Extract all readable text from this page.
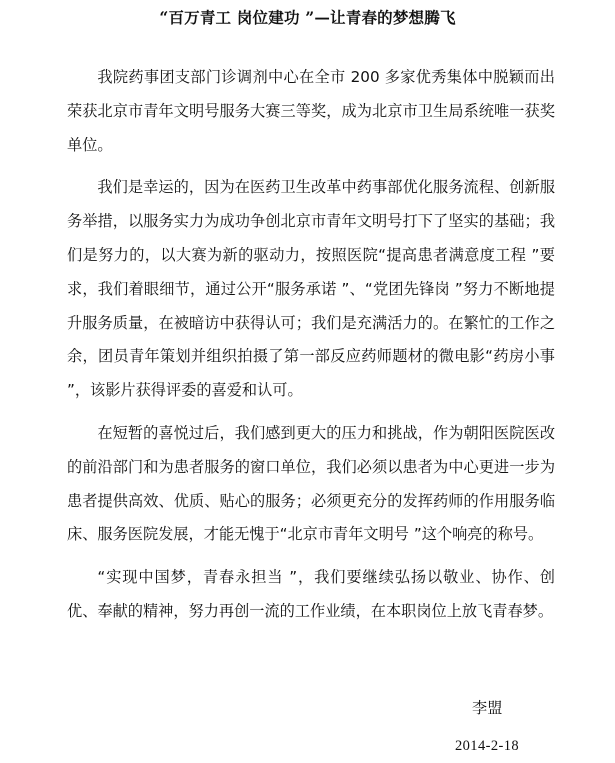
“百万青工 岗位建功 ”—让青春的梦想腾飞

我院药事团支部门诊调剂中心在全市 200 多家优秀集体中脱颖而出荣获北京市青年文明号服务大赛三等奖，成为北京市卫生局系统唯一获奖单位。

我们是幸运的，因为在医药卫生改革中药事部优化服务流程、创新服务举措，以服务实力为成功争创北京市青年文明号打下了坚实的基础；我们是努力的，以大赛为新的驱动力，按照医院“提高患者满意度工程 ”要求，我们着眼细节，通过公开“服务承诺 ”、“党团先锋岗 ”努力不断地提升服务质量，在被暗访中获得认可；我们是充满活力的。在繁忙的工作之余，团员青年策划并组织拍摄了第一部反应药师题材的微电影“药房小事 ”，该影片获得评委的喜爱和认可。

在短暂的喜悦过后，我们感到更大的压力和挑战，作为朝阳医院医改的前沿部门和为患者服务的窗口单位，我们必须以患者为中心更进一步为患者提供高效、优质、贴心的服务；必须更充分的发挥药师的作用服务临床、服务医院发展，才能无愧于“北京市青年文明号 ”这个响亮的称号。

“实现中国梦，青春永担当 ”，我们要继续弘扬以敬业、协作、创优、奉献的精神，努力再创一流的工作业绩，在本职岗位上放飞青春梦。

李盟
2014-2-18
